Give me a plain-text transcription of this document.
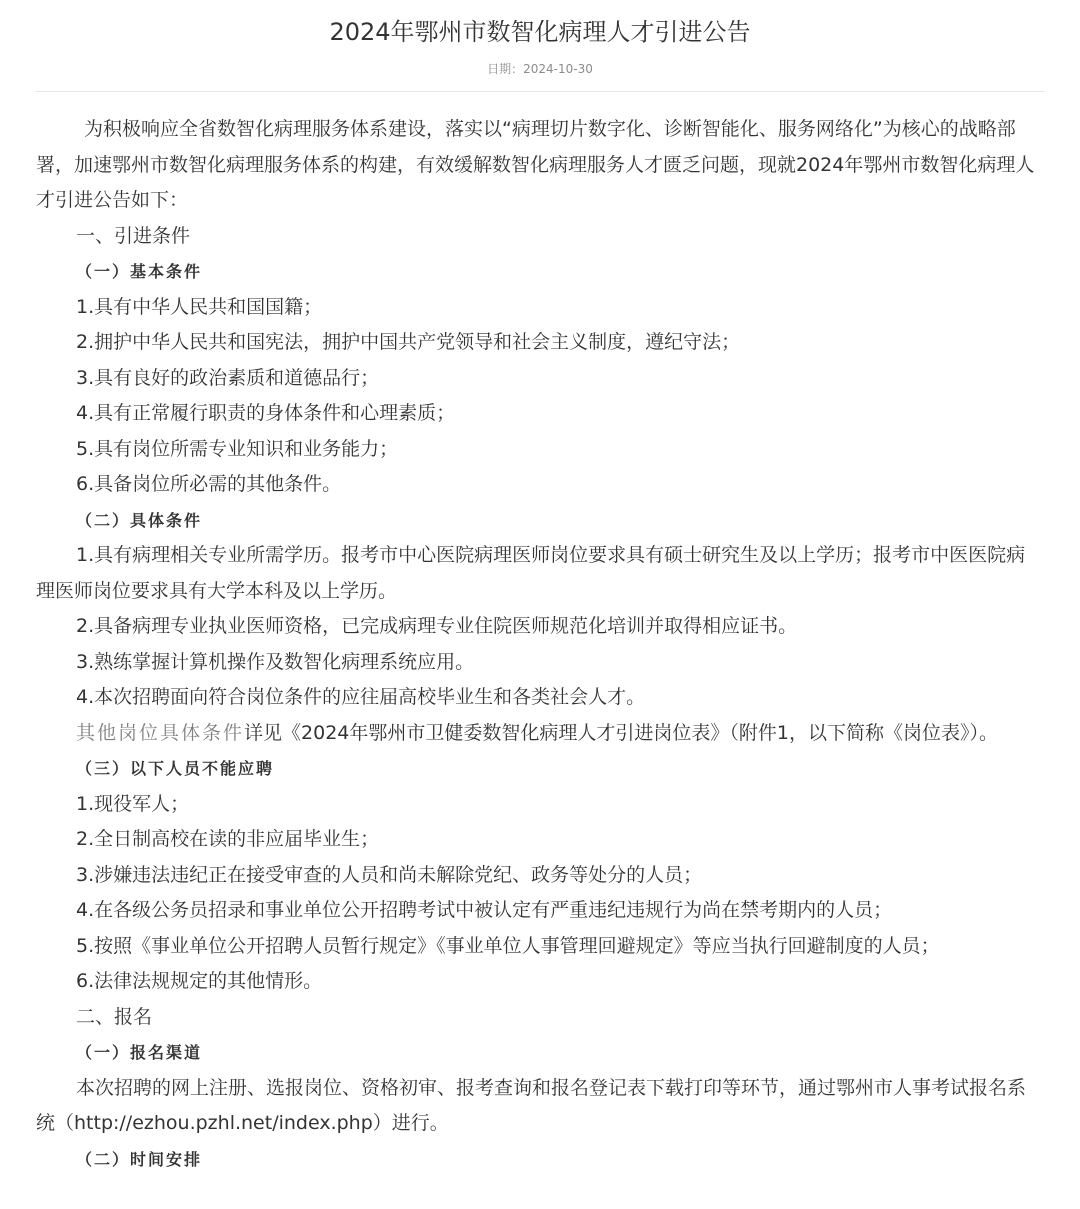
2024年鄂州市数智化病理人才引进公告
日期：2024-10-30

为积极响应全省数智化病理服务体系建设，落实以“病理切片数字化、诊断智能化、服务网络化”为核心的战略部署，加速鄂州市数智化病理服务体系的构建，有效缓解数智化病理服务人才匮乏问题，现就2024年鄂州市数智化病理人才引进公告如下：

一、引进条件

（一）基本条件

1.具有中华人民共和国国籍；

2.拥护中华人民共和国宪法，拥护中国共产党领导和社会主义制度，遵纪守法；

3.具有良好的政治素质和道德品行；

4.具有正常履行职责的身体条件和心理素质；

5.具有岗位所需专业知识和业务能力；

6.具备岗位所必需的其他条件。

（二）具体条件

1.具有病理相关专业所需学历。报考市中心医院病理医师岗位要求具有硕士研究生及以上学历；报考市中医医院病理医师岗位要求具有大学本科及以上学历。

2.具备病理专业执业医师资格，已完成病理专业住院医师规范化培训并取得相应证书。

3.熟练掌握计算机操作及数智化病理系统应用。

4.本次招聘面向符合岗位条件的应往届高校毕业生和各类社会人才。

其他岗位具体条件详见《2024年鄂州市卫健委数智化病理人才引进岗位表》（附件1，以下简称《岗位表》）。

（三）以下人员不能应聘

1.现役军人；

2.全日制高校在读的非应届毕业生；

3.涉嫌违法违纪正在接受审查的人员和尚未解除党纪、政务等处分的人员；

4.在各级公务员招录和事业单位公开招聘考试中被认定有严重违纪违规行为尚在禁考期内的人员；

5.按照《事业单位公开招聘人员暂行规定》《事业单位人事管理回避规定》等应当执行回避制度的人员；

6.法律法规规定的其他情形。

二、报名

（一）报名渠道

本次招聘的网上注册、选报岗位、资格初审、报考查询和报名登记表下载打印等环节，通过鄂州市人事考试报名系统（http://ezhou.pzhl.net/index.php）进行。

（二）时间安排
